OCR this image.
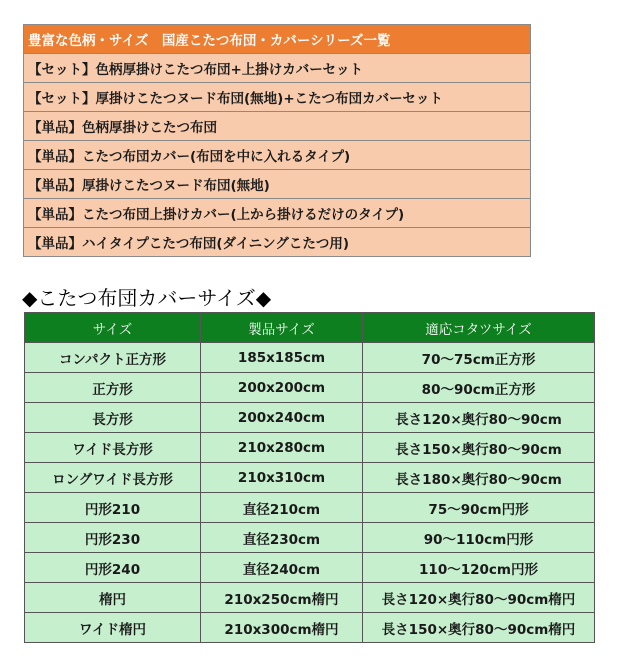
豊富な色柄・サイズ　国産こたつ布団・カバーシリーズ一覧
【セット】色柄厚掛けこたつ布団+上掛けカバーセット
【セット】厚掛けこたつヌード布団(無地)+こたつ布団カバーセット
【単品】色柄厚掛けこたつ布団
【単品】こたつ布団カバー(布団を中に入れるタイプ)
【単品】厚掛けこたつヌード布団(無地)
【単品】こたつ布団上掛けカバー(上から掛けるだけのタイプ)
【単品】ハイタイプこたつ布団(ダイニングこたつ用)
◆こたつ布団カバーサイズ◆
サイズ	製品サイズ	適応コタツサイズ
コンパクト正方形	185x185cm	70～75cm正方形
正方形	200x200cm	80～90cm正方形
長方形	200x240cm	長さ120×奥行80～90cm
ワイド長方形	210x280cm	長さ150×奥行80～90cm
ロングワイド長方形	210x310cm	長さ180×奥行80～90cm
円形210	直径210cm	75～90cm円形
円形230	直径230cm	90～110cm円形
円形240	直径240cm	110～120cm円形
楕円	210x250cm楕円	長さ120×奥行80～90cm楕円
ワイド楕円	210x300cm楕円	長さ150×奥行80～90cm楕円
